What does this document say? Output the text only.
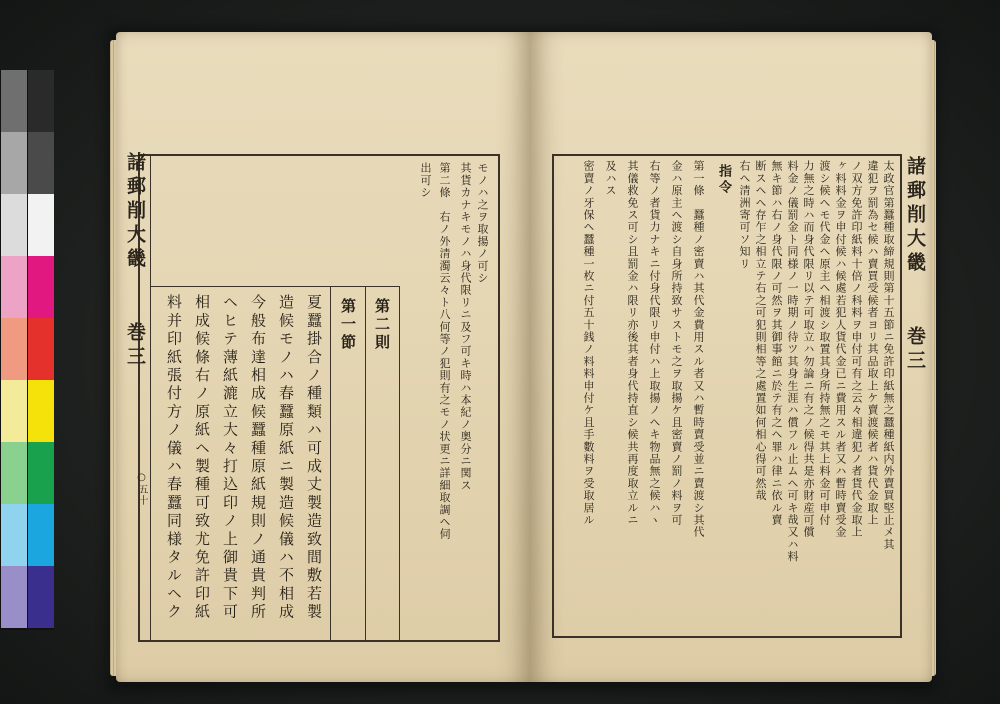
諸郵削大畿
巻三
○五十
モノハ之ヲ取揚ノ可シ
其貨カナキモノハ身代限リニ及フ可キ時ハ本紀ノ奥分ニ関ス
第二條　右ノ外清濁云々ト八何等ノ犯則有之モノ状更ニ詳細取調ヘ伺
出可シ
第二則
第一節
夏蠶掛合ノ種類ハ可成丈製造致間敷若製
造候モノハ春蠶原紙ニ製造候儀ハ不相成
今般布達相成候蠶種原紙規則ノ通貴判所
ヘヒテ薄紙漉立大々打込印ノ上御貴下可
相成候條右ノ原紙ヘ製種可致尤免許印紙
料并印紙張付方ノ儀ハ春蠶同様タルヘク
諸郵削大畿
巻三
太政官第蠶種取締規則第十五節ニ免許印紙無之蠶種紙内外賣買堅止メ其
違犯ヲ罰為セ候ハ賣買受候者ヨリ其品取上ケ賣渡候者ハ貨代金取上
ノ双方免許印紙料十倍ノ科料ヲ申付可有之云々相違犯ノ者貨代金取上
ヶ料料金ヲ申付候ハ候處若犯人貨代金已ニ費用スル者又ハ暫時賣受金
渡シ候ヘモ代金ヘ原主ヘ相渡シ取置其身所持無之モ其上料金可申付
力無之時ハ而身代限リ以テ可取立ハ勿論ニ有之ノ候得共是亦財産可償
料金ノ儀罰金ト同様ノ一時期ノ待ツ其身生涯ハ償フル止ムヘ可キ哉又ハ料
無キ節ハ右ノ身代限ノ可然ヲ其御事館ニ於テ有之ヘ罪ハ律ニ依ル賣
断スヘヘ存乍之相立テ右之可犯則相等之處置如何相心得可然哉
右ヘ清洲寄可ソ知リ
指令
第一條　蠶種ノ密賣ハ其代金費用スル者又ハ暫時賣受並ニ賣渡シ其代
金ハ原主ヘ渡シ自身所持致サストモ之ヲ取揚ケ且密賣ノ罰ノ料ヲ可
右等ノ者貨力ナキニ付身代限リ申付ハ上取揚ノヘキ物品無之候ハヽ
其儀救免ス可シ且罰金ハ限リ亦後其者身代持直シ候共再度取立ルニ
及ハス
密賣ノ牙保ヘ蠶種一枚ニ付五十銭ノ料料申付ケ且手數料ヲ受取居ル
